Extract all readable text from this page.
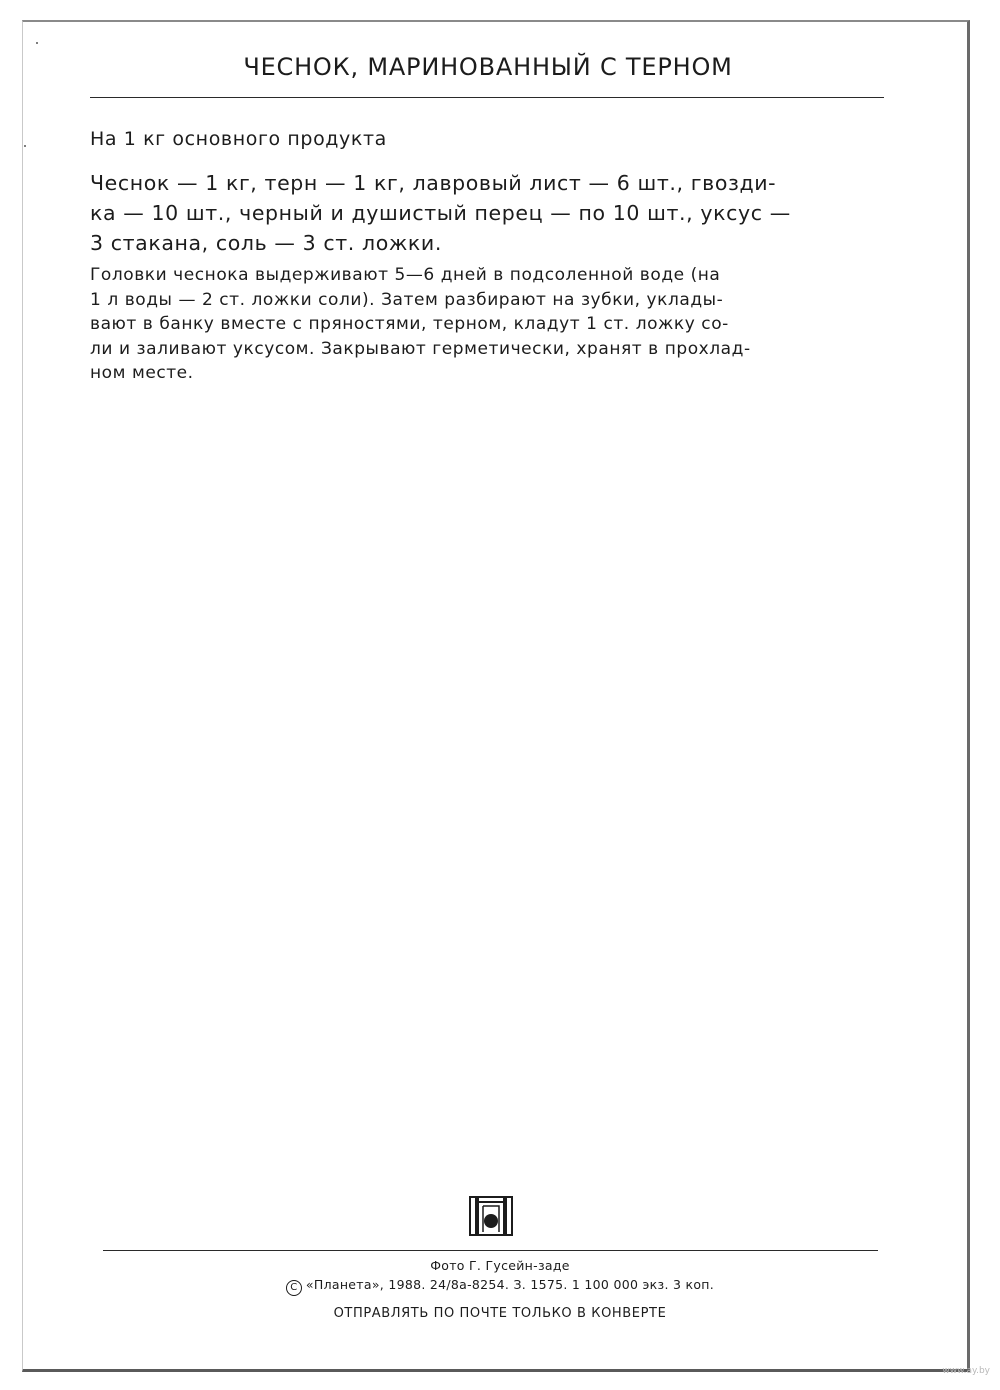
ЧЕСНОК, МАРИНОВАННЫЙ С ТЕРНОМ
На 1 кг основного продукта
Чеснок — 1 кг, терн — 1 кг, лавровый лист — 6 шт., гвозди-
ка — 10 шт., черный и душистый перец — по 10 шт., уксус —
3 стакана, соль — 3 ст. ложки.
Головки чеснока выдерживают 5—6 дней в подсоленной воде (на
1 л воды — 2 ст. ложки соли). Затем разбирают на зубки, уклады-
вают в банку вместе с пряностями, терном, кладут 1 ст. ложку со-
ли и заливают уксусом. Закрывают герметически, хранят в прохлад-
ном месте.
Фото Г. Гусейн-заде
C «Планета», 1988. 24/8а-8254. З. 1575. 1 100 000 экз. 3 коп.
ОТПРАВЛЯТЬ ПО ПОЧТЕ ТОЛЬКО В КОНВЕРТЕ
www.ay.by
